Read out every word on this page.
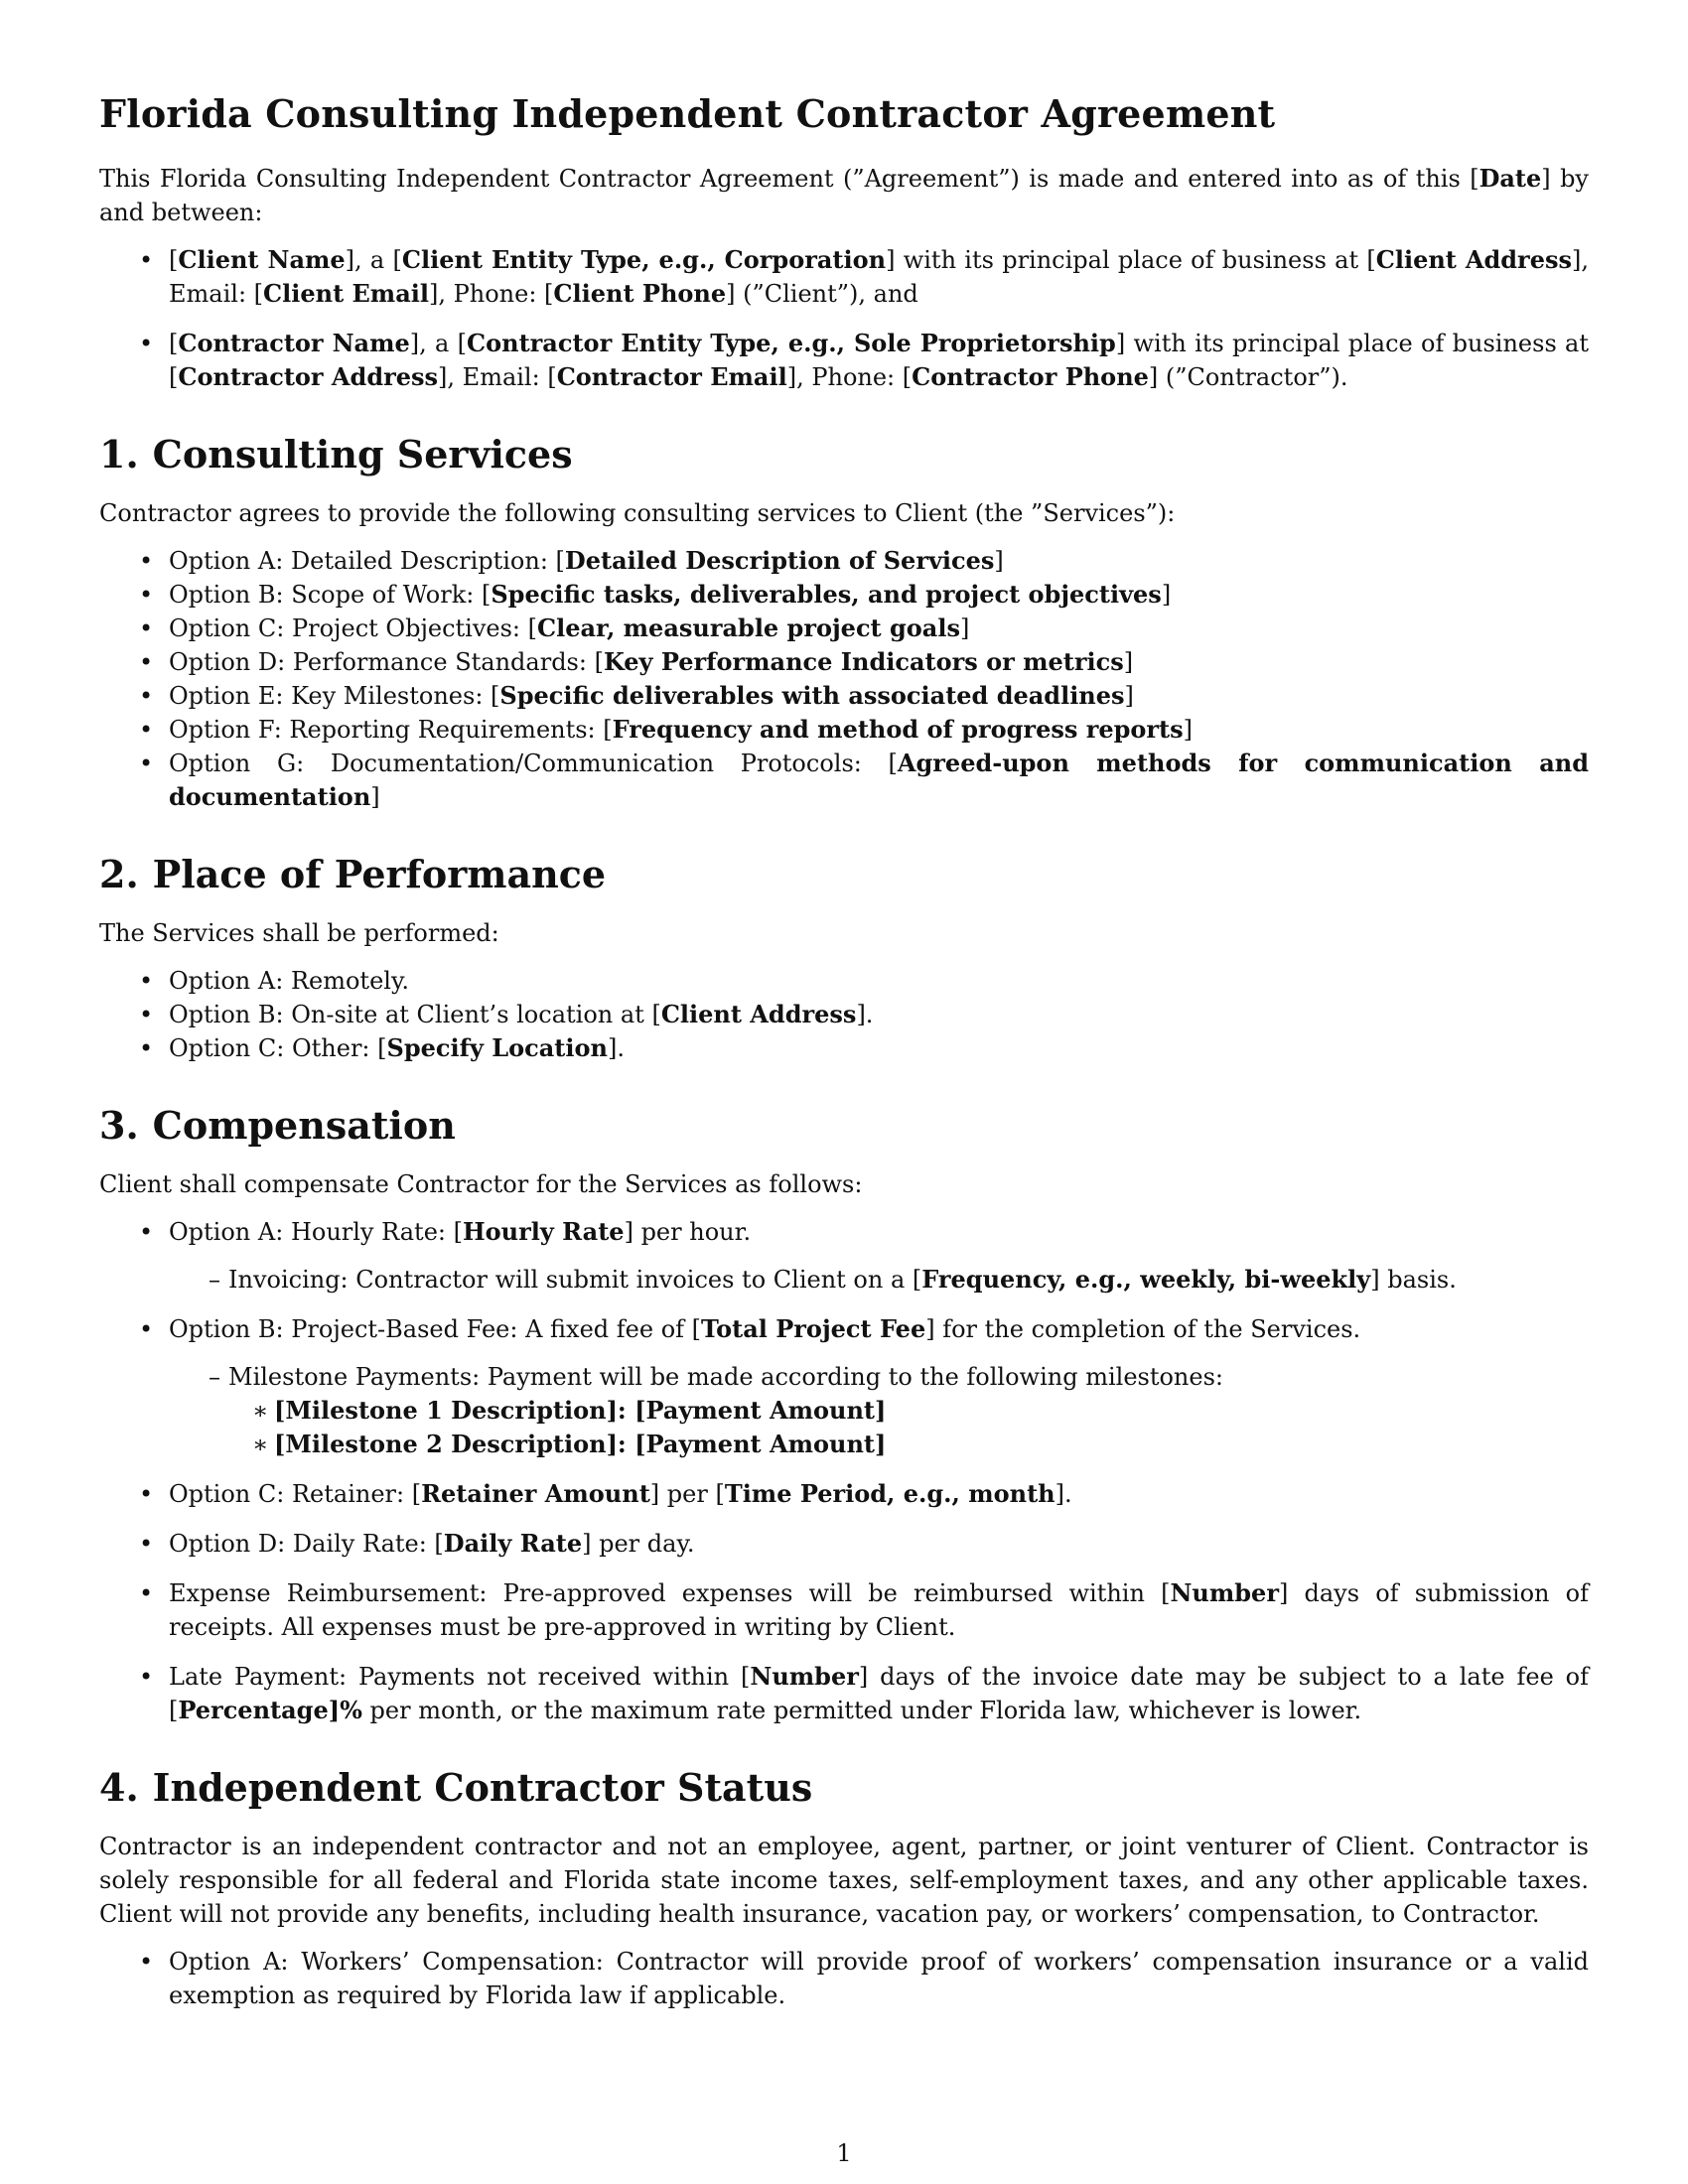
Florida Consulting Independent Contractor Agreement

This Florida Consulting Independent Contractor Agreement (”Agreement”) is made and entered into as of this [Date] by and between:

• [Client Name], a [Client Entity Type, e.g., Corporation] with its principal place of business at [Client Address], Email: [Client Email], Phone: [Client Phone] (”Client”), and
• [Contractor Name], a [Contractor Entity Type, e.g., Sole Proprietorship] with its principal place of business at [Contractor Address], Email: [Contractor Email], Phone: [Contractor Phone] (”Contractor”).
1. Consulting Services

Contractor agrees to provide the following consulting services to Client (the ”Services”):

• Option A: Detailed Description: [Detailed Description of Services]
• Option B: Scope of Work: [Specific tasks, deliverables, and project objectives]
• Option C: Project Objectives: [Clear, measurable project goals]
• Option D: Performance Standards: [Key Performance Indicators or metrics]
• Option E: Key Milestones: [Specific deliverables with associated deadlines]
• Option F: Reporting Requirements: [Frequency and method of progress reports]
• Option G: Documentation/Communication Protocols: [Agreed-upon methods for communication and documentation]
2. Place of Performance

The Services shall be performed:

• Option A: Remotely.
• Option B: On-site at Client’s location at [Client Address].
• Option C: Other: [Specify Location].
3. Compensation

Client shall compensate Contractor for the Services as follows:

• Option A: Hourly Rate: [Hourly Rate] per hour.
– Invoicing: Contractor will submit invoices to Client on a [Frequency, e.g., weekly, bi-weekly] basis.
• Option B: Project-Based Fee: A fixed fee of [Total Project Fee] for the completion of the Services.
– Milestone Payments: Payment will be made according to the following milestones:
∗ [Milestone 1 Description]: [Payment Amount]
∗ [Milestone 2 Description]: [Payment Amount]
• Option C: Retainer: [Retainer Amount] per [Time Period, e.g., month].
• Option D: Daily Rate: [Daily Rate] per day.
• Expense Reimbursement: Pre-approved expenses will be reimbursed within [Number] days of submission of receipts. All expenses must be pre-approved in writing by Client.
• Late Payment: Payments not received within [Number] days of the invoice date may be subject to a late fee of [Percentage]% per month, or the maximum rate permitted under Florida law, whichever is lower.
4. Independent Contractor Status

Contractor is an independent contractor and not an employee, agent, partner, or joint venturer of Client. Contractor is solely responsible for all federal and Florida state income taxes, self-employment taxes, and any other applicable taxes. Client will not provide any benefits, including health insurance, vacation pay, or workers’ compensation, to Contractor.

• Option A: Workers’ Compensation: Contractor will provide proof of workers’ compensation insurance or a valid exemption as required by Florida law if applicable.
1
